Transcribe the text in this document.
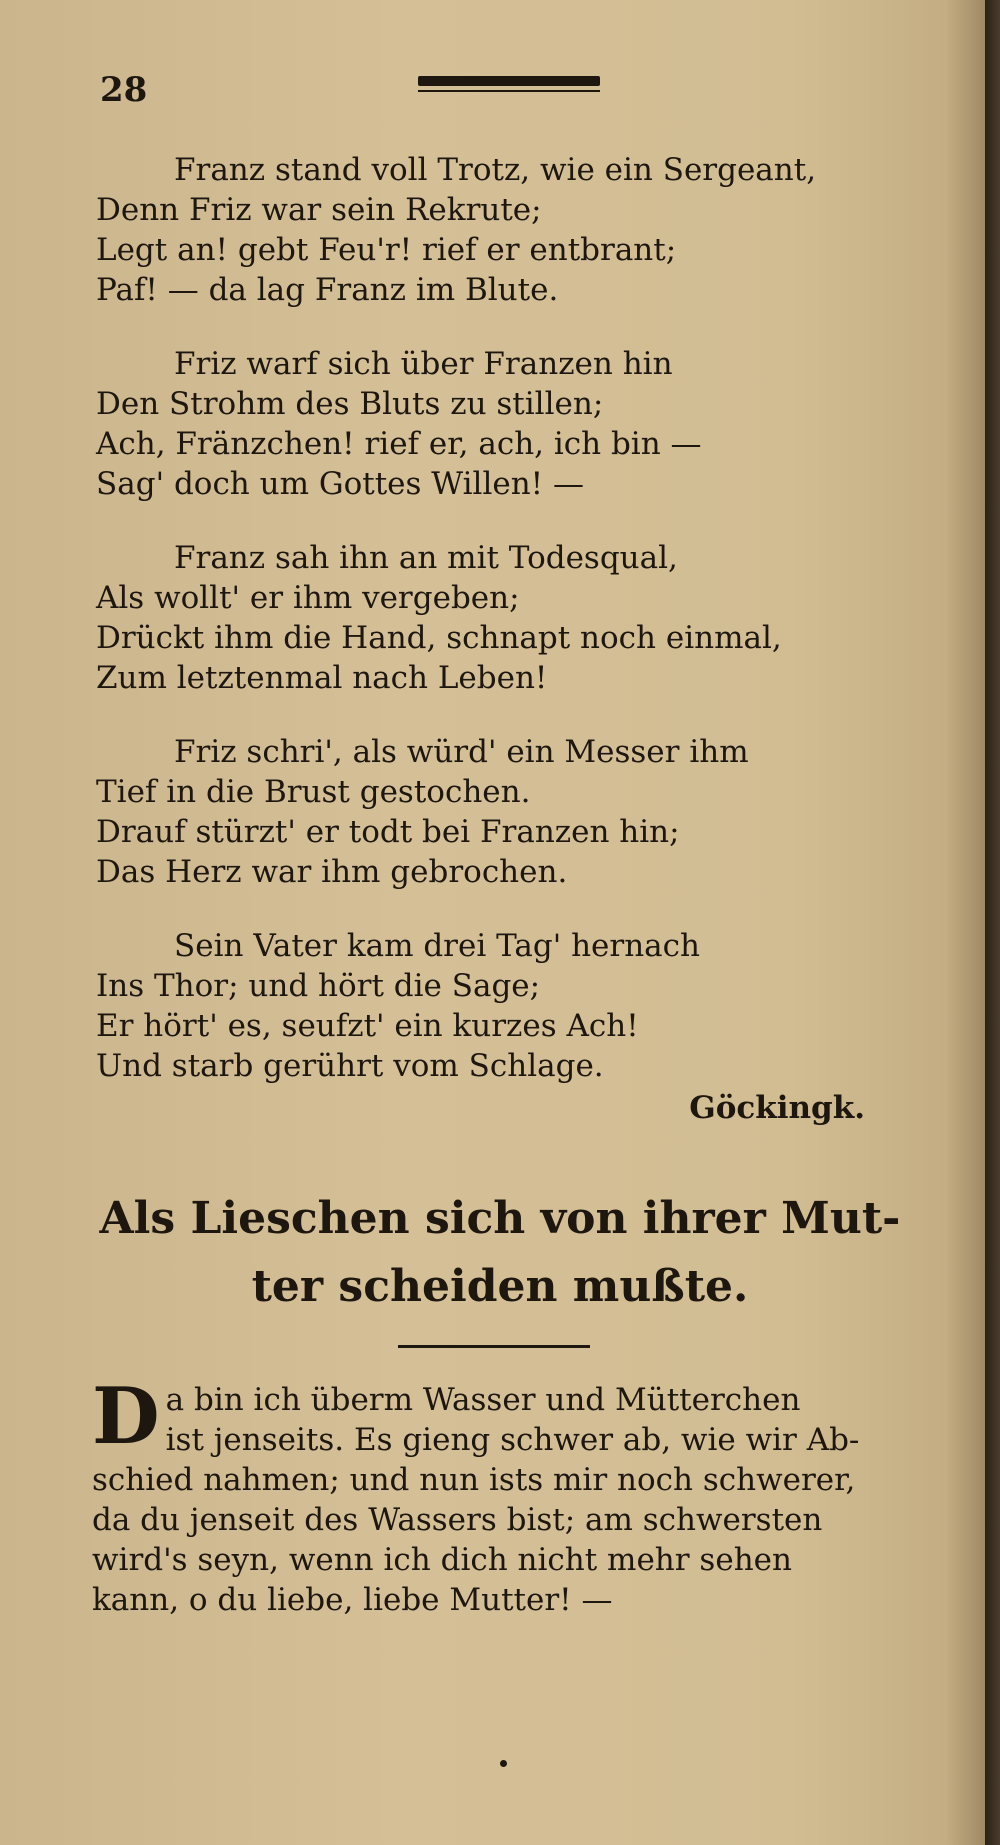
28
Franz stand voll Trotz, wie ein Sergeant,
Denn Friz war sein Rekrute;
Legt an! gebt Feu'r! rief er entbrant;
Paf! — da lag Franz im Blute.
Friz warf sich über Franzen hin
Den Strohm des Bluts zu stillen;
Ach, Fränzchen! rief er, ach, ich bin —
Sag' doch um Gottes Willen! —
Franz sah ihn an mit Todesqual,
Als wollt' er ihm vergeben;
Drückt ihm die Hand, schnapt noch einmal,
Zum letztenmal nach Leben!
Friz schri', als würd' ein Messer ihm
Tief in die Brust gestochen.
Drauf stürzt' er todt bei Franzen hin;
Das Herz war ihm gebrochen.
Sein Vater kam drei Tag' hernach
Ins Thor; und hört die Sage;
Er hört' es, seufzt' ein kurzes Ach!
Und starb gerührt vom Schlage.
Göckingk.
Als Lieschen sich von ihrer Mut-
ter scheiden mußte.
D a bin ich überm Wasser und Mütterchen
ist jenseits. Es gieng schwer ab, wie wir Ab-
schied nahmen; und nun ists mir noch schwerer,
da du jenseit des Wassers bist; am schwersten
wird's seyn, wenn ich dich nicht mehr sehen
kann, o du liebe, liebe Mutter! —
